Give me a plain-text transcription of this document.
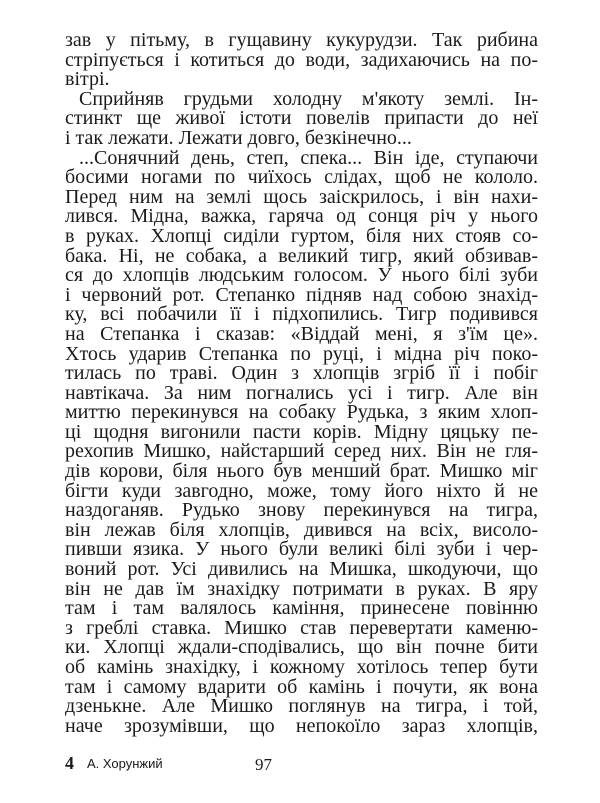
зав у пітьму, в гущавину кукурудзи. Так рибина
стріпується і котиться до води, задихаючись на по-
вітрі.
Сприйняв грудьми холодну м'якоту землі. Ін-
стинкт ще живої істоти повелів припасти до неї
і так лежати. Лежати довго, безкінечно...
...Сонячний день, степ, спека... Він іде, ступаючи
босими ногами по чиїхось слідах, щоб не кололо.
Перед ним на землі щось заіскрилось, і він нахи-
лився. Мідна, важка, гаряча од сонця річ у нього
в руках. Хлопці сиділи гуртом, біля них стояв со-
бака. Ні, не собака, а великий тигр, який обзивав-
ся до хлопців людським голосом. У нього білі зуби
і червоний рот. Степанко підняв над собою знахід-
ку, всі побачили її і підхопились. Тигр подивився
на Степанка і сказав: «Віддай мені, я з'їм це».
Хтось ударив Степанка по руці, і мідна річ поко-
тилась по траві. Один з хлопців згріб її і побіг
навтікача. За ним погнались усі і тигр. Але він
миттю перекинувся на собаку Рудька, з яким хлоп-
ці щодня вигонили пасти корів. Мідну цяцьку пе-
рехопив Мишко, найстарший серед них. Він не гля-
дів корови, біля нього був менший брат. Мишко міг
бігти куди завгодно, може, тому його ніхто й не
наздоганяв. Рудько знову перекинувся на тигра,
він лежав біля хлопців, дивився на всіх, висоло-
пивши язика. У нього були великі білі зуби і чер-
воний рот. Усі дивились на Мишка, шкодуючи, що
він не дав їм знахідку потримати в руках. В яру
там і там валялось каміння, принесене повінню
з греблі ставка. Мишко став перевертати каменю-
ки. Хлопці ждали-сподівались, що він почне бити
об камінь знахідку, і кожному хотілось тепер бути
там і самому вдарити об камінь і почути, як вона
дзенькне. Але Мишко поглянув на тигра, і той,
наче зрозумівши, що непокоїло зараз хлопців,
4 А. Хорунжий	97
